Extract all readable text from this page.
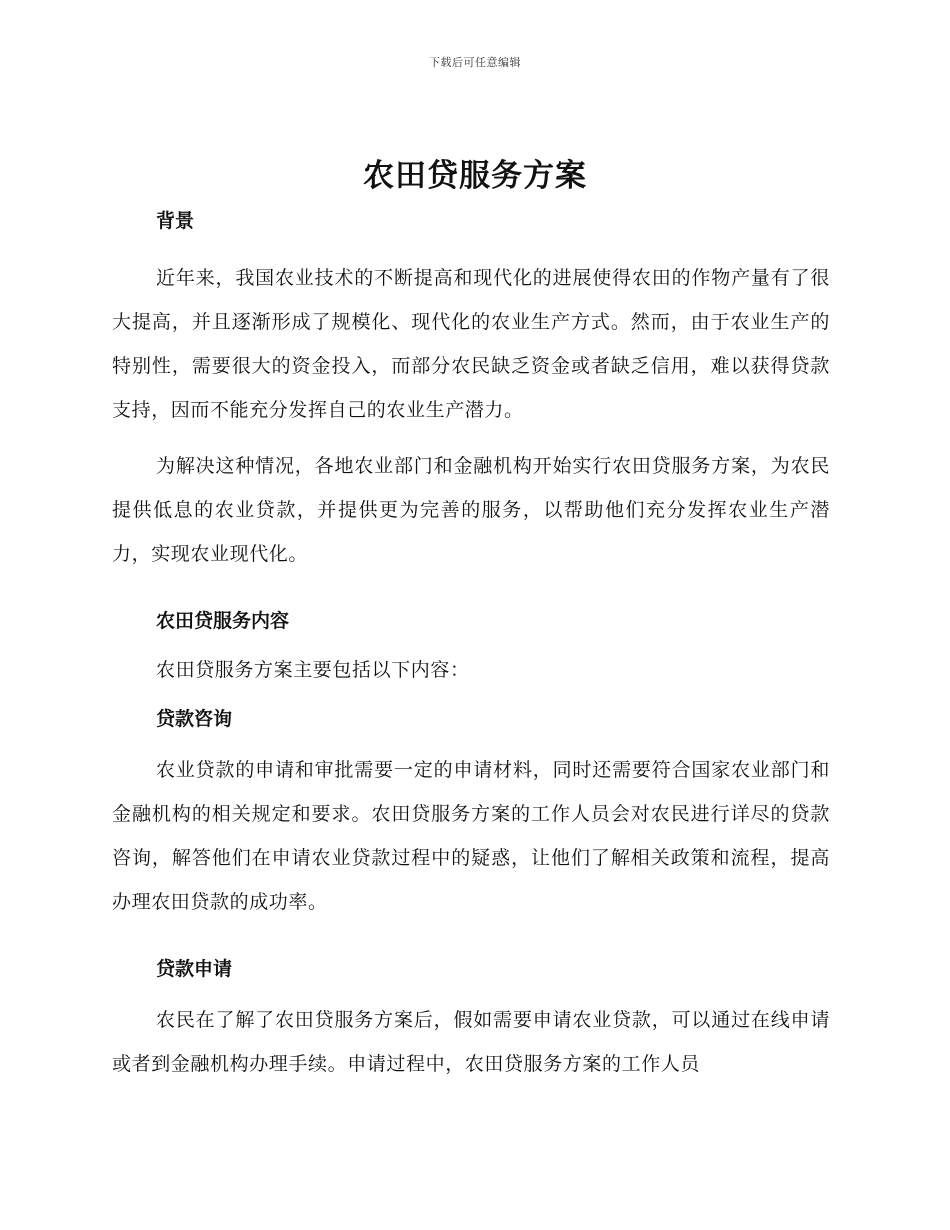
下载后可任意编辑
农田贷服务方案
背景

近年来，我国农业技术的不断提高和现代化的进展使得农田的作物产量有了很大提高，并且逐渐形成了规模化、现代化的农业生产方式。然而，由于农业生产的特别性，需要很大的资金投入，而部分农民缺乏资金或者缺乏信用，难以获得贷款支持，因而不能充分发挥自己的农业生产潜力。

为解决这种情况，各地农业部门和金融机构开始实行农田贷服务方案，为农民提供低息的农业贷款，并提供更为完善的服务，以帮助他们充分发挥农业生产潜力，实现农业现代化。

农田贷服务内容

农田贷服务方案主要包括以下内容：

贷款咨询

农业贷款的申请和审批需要一定的申请材料，同时还需要符合国家农业部门和金融机构的相关规定和要求。农田贷服务方案的工作人员会对农民进行详尽的贷款咨询，解答他们在申请农业贷款过程中的疑惑，让他们了解相关政策和流程，提高办理农田贷款的成功率。

贷款申请

农民在了解了农田贷服务方案后，假如需要申请农业贷款，可以通过在线申请或者到金融机构办理手续。申请过程中，农田贷服务方案的工作人员
